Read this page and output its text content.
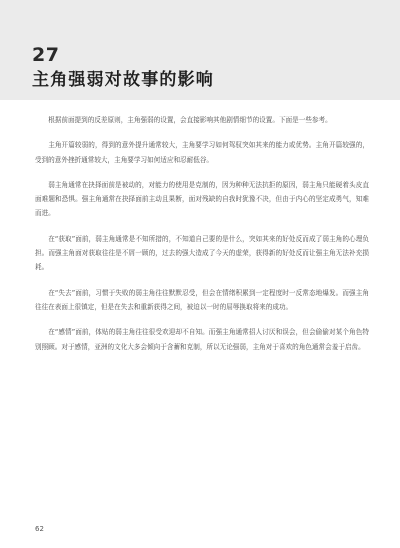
27
主角强弱对故事的影响

根据前面提到的反差原则，主角强弱的设置，会直接影响其他剧情细节的设置。下面是一些参考。

主角开篇较弱的，得到的意外提升通常较大，主角要学习如何驾驭突如其来的能力或优势。主角开篇较强的，受到的意外挫折通常较大，主角要学习如何适应和忍耐低谷。

弱主角通常在抉择面前是被动的，对能力的使用是克制的，因为种种无法抗拒的原因，弱主角只能硬着头皮直面难题和恐惧。强主角通常在抉择面前主动且果断，面对残缺的自我时犹豫不决，但由于内心的坚定成勇气，知难而进。

在“获取”面前，弱主角通常是不知所措的，不知道自己要的是什么，突如其来的好处反而成了弱主角的心理负担。而强主角面对获取往往是不屑一顾的，过去的强大造成了今天的虚荣，获得新的好处反而让强主角无法补充损耗。

在“失去”面前，习惯于失败的弱主角往往默默忍受，但会在情绪积累到一定程度时一反常态地爆发。而强主角往往在表面上很镇定，但是在失去和重新获得之间，被迫以一时的屈辱换取将来的成功。

在“感情”面前，体贴的弱主角往往很受欢迎却不自知。而强主角通常招人讨厌和误会，但会偷偷对某个角色特别照顾。对于感情，亚洲的文化大多会倾向于含蓄和克制，所以无论强弱，主角对于喜欢的角色通常会羞于启齿。

62
